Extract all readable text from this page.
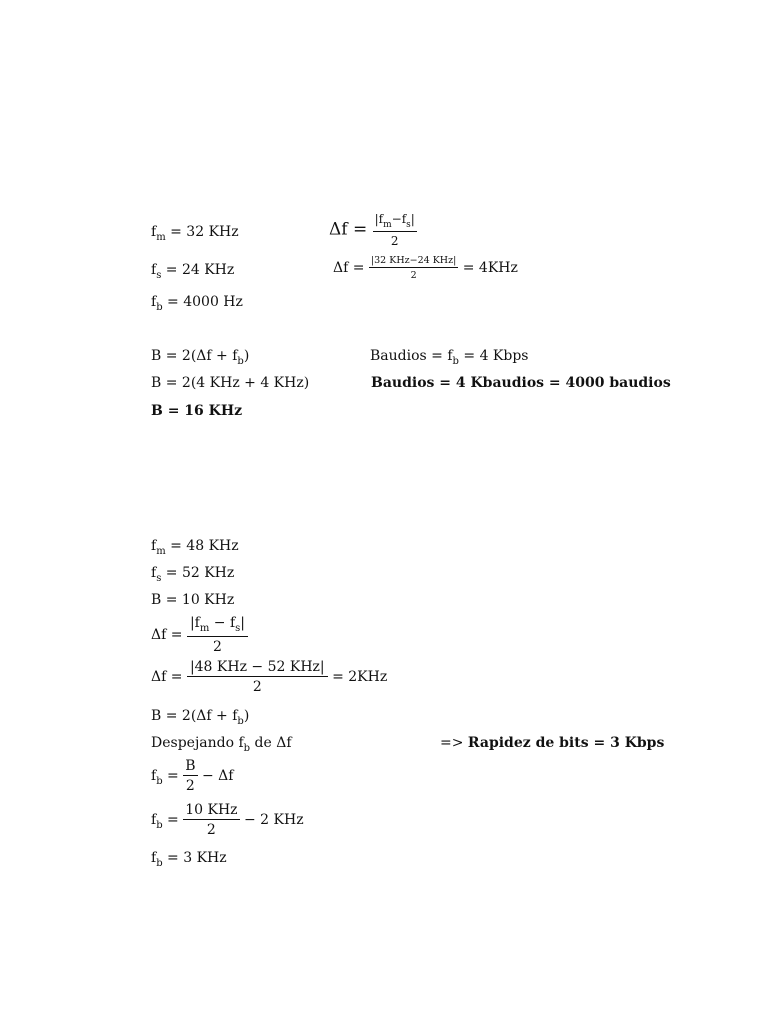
$f_m = 32$ KHz	$\Delta f = \frac{|f_m-f_s|}{2}$
$f_s = 24$ KHz	$\Delta f = \frac{\text{|32 KHz−24 KHz|}}{2} = 4KHz$
$f_b = 4000$ Hz
$B = 2(\Delta f + f_b)$	Baudios = $f_b = 4$ Kbps
B = 2(4 KHz + 4 KHz)	Baudios = 4 Kbaudios = 4000 baudios
B = 16 KHz
$f_m = 48$ KHz
$f_s = 52$ KHz
B = 10 KHz
$\Delta f = \frac{|f_m - f_s|}{2}$
$\Delta f = \frac{\text{|48 KHz − 52 KHz|}}{2} = 2KHz$
$B = 2(\Delta f + f_b)$
Despejando $f_b$ de Δf	=> Rapidez de bits = 3 Kbps
$f_b = \frac{B}{2} - \Delta f$
$f_b = \frac{\text{10 KHz}}{2} - 2$ KHz
$f_b = 3$ KHz
